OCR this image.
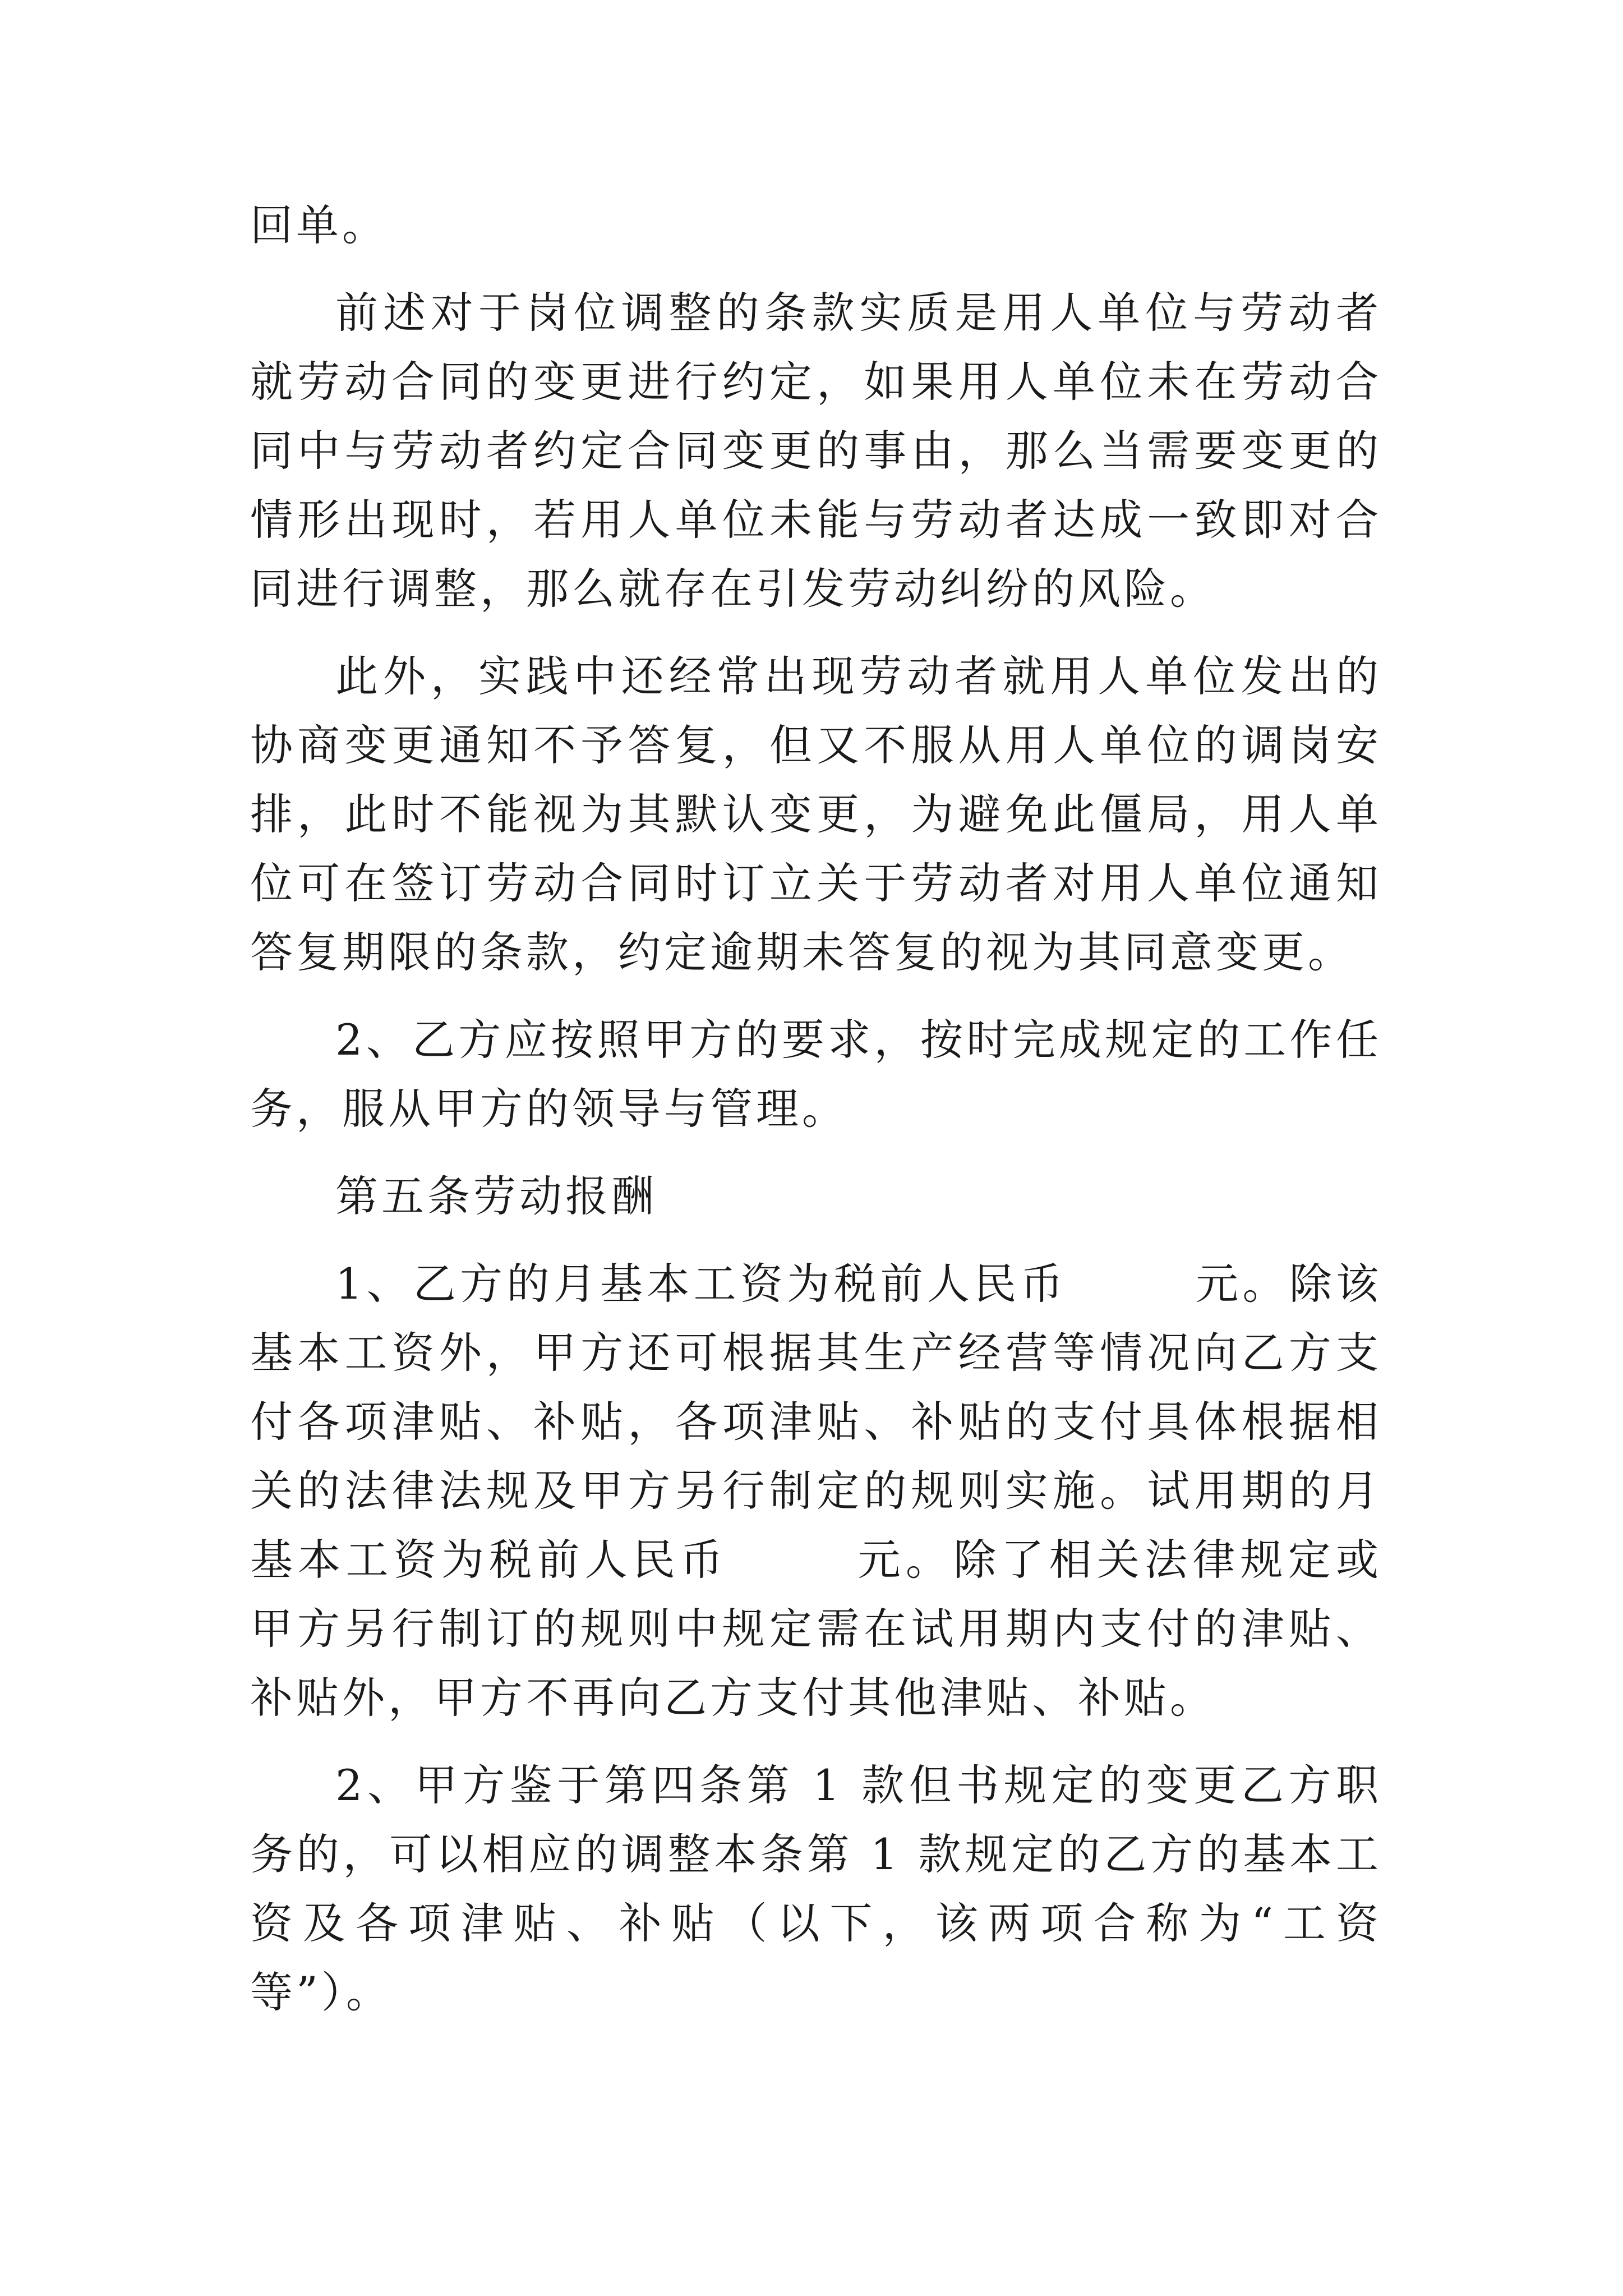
回单。

前述对于岗位调整的条款实质是用人单位与劳动者就劳动合同的变更进行约定，如果用人单位未在劳动合同中与劳动者约定合同变更的事由，那么当需要变更的情形出现时，若用人单位未能与劳动者达成一致即对合同进行调整，那么就存在引发劳动纠纷的风险。

此外，实践中还经常出现劳动者就用人单位发出的协商变更通知不予答复，但又不服从用人单位的调岗安排，此时不能视为其默认变更，为避免此僵局，用人单位可在签订劳动合同时订立关于劳动者对用人单位通知答复期限的条款，约定逾期未答复的视为其同意变更。

2、乙方应按照甲方的要求，按时完成规定的工作任务，服从甲方的领导与管理。

第五条劳动报酬

1、乙方的月基本工资为税前人民币	元。除该基本工资外，甲方还可根据其生产经营等情况向乙方支付各项津贴、补贴，各项津贴、补贴的支付具体根据相关的法律法规及甲方另行制定的规则实施。试用期的月基本工资为税前人民币	元。除了相关法律规定或甲方另行制订的规则中规定需在试用期内支付的津贴、补贴外，甲方不再向乙方支付其他津贴、补贴。

2、甲方鉴于第四条第 1 款但书规定的变更乙方职务的，可以相应的调整本条第 1 款规定的乙方的基本工资及各项津贴、补贴（以下，该两项合称为“工资等”）。
